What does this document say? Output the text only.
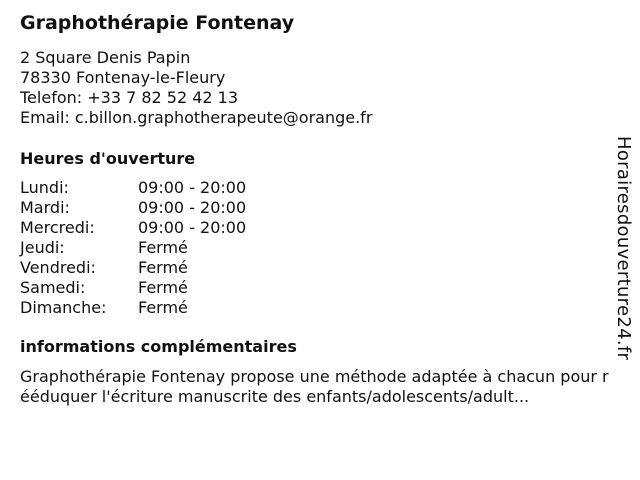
Graphothérapie Fontenay
2 Square Denis Papin
78330 Fontenay-le-Fleury
Telefon: +33 7 82 52 42 13
Email: c.billon.graphotherapeute@orange.fr
Heures d'ouverture
Lundi:	09:00 - 20:00
Mardi:	09:00 - 20:00
Mercredi:	09:00 - 20:00
Jeudi:	Fermé
Vendredi:	Fermé
Samedi:	Fermé
Dimanche:	Fermé
informations complémentaires
Graphothérapie Fontenay propose une méthode adaptée à chacun pour rééduquer l'écriture manuscrite des enfants/adolescents/adult...
Horairesdouverture24.fr
